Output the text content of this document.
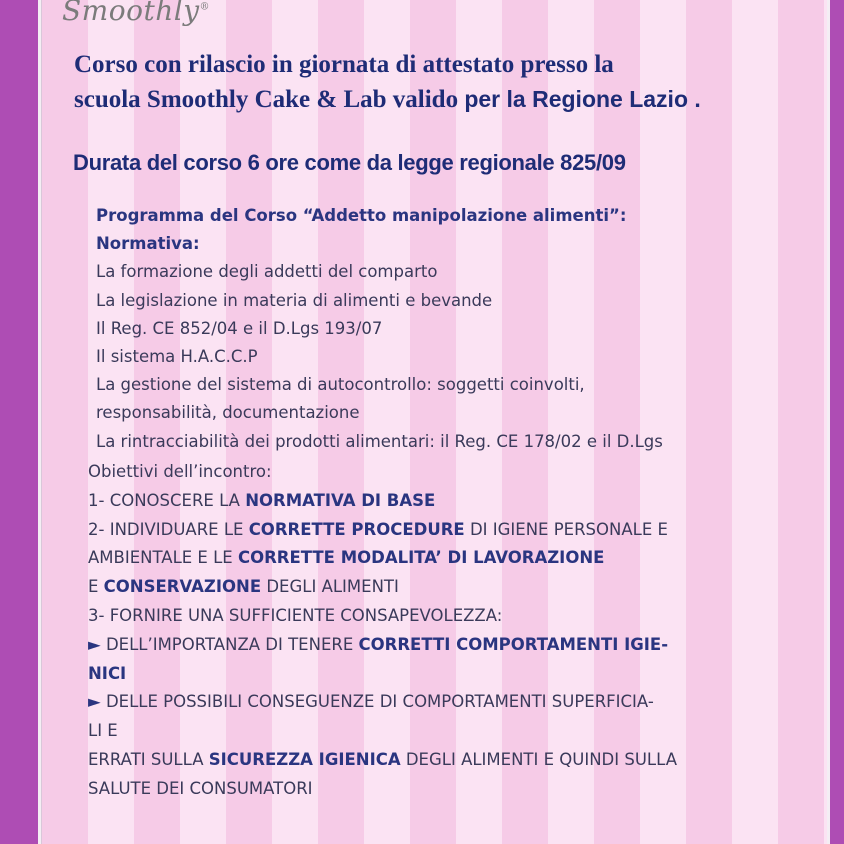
Smoothly®
Corso con rilascio in giornata di attestato presso la
scuola Smoothly Cake & Lab valido per la Regione Lazio .
Durata del corso 6 ore come da legge regionale 825/09
Programma del Corso “Addetto manipolazione alimenti”:
Normativa:
La formazione degli addetti del comparto
La legislazione in materia di alimenti e bevande
Il Reg. CE 852/04 e il D.Lgs 193/07
Il sistema H.A.C.C.P
La gestione del sistema di autocontrollo: soggetti coinvolti,
responsabilità, documentazione
La rintracciabilità dei prodotti alimentari: il Reg. CE 178/02 e il D.Lgs
Obiettivi dell’incontro:
1- CONOSCERE LA NORMATIVA DI BASE
2- INDIVIDUARE LE CORRETTE PROCEDURE DI IGIENE PERSONALE E
AMBIENTALE E LE CORRETTE MODALITA’ DI LAVORAZIONE
E CONSERVAZIONE DEGLI ALIMENTI
3- FORNIRE UNA SUFFICIENTE CONSAPEVOLEZZA:
► DELL’IMPORTANZA DI TENERE CORRETTI COMPORTAMENTI IGIE-
NICI
► DELLE POSSIBILI CONSEGUENZE DI COMPORTAMENTI SUPERFICIA-
LI E
ERRATI SULLA SICUREZZA IGIENICA DEGLI ALIMENTI E QUINDI SULLA
SALUTE DEI CONSUMATORI
